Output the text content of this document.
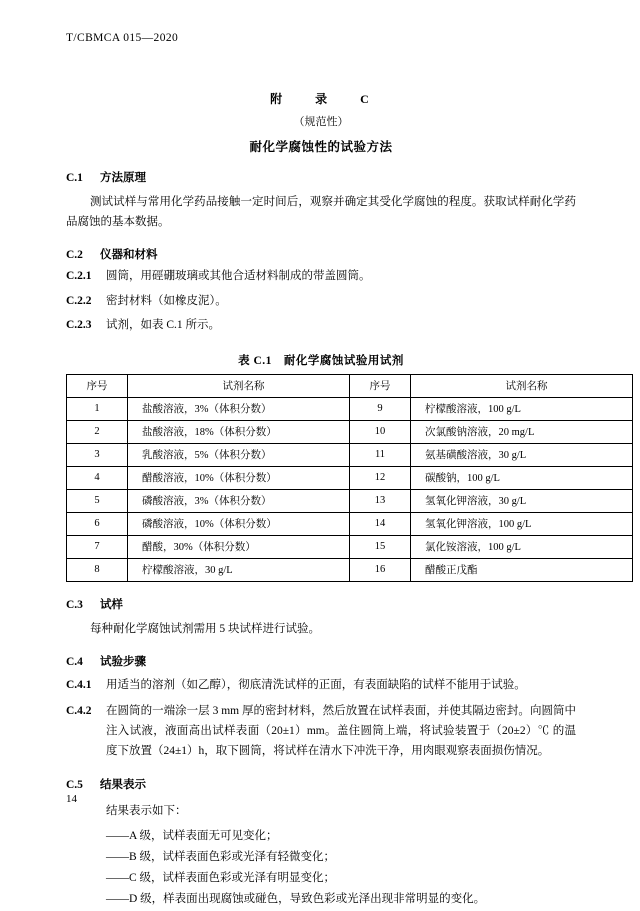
T/CBMCA 015—2020
附　　录　　C
（规范性）
耐化学腐蚀性的试验方法
C.1 方法原理
测试试样与常用化学药品接触一定时间后，观察并确定其受化学腐蚀的程度。获取试样耐化学药品腐蚀的基本数据。
C.2 仪器和材料
C.2.1 圆筒，用硜硼玻璃或其他合适材料制成的带盖圆筒。
C.2.2 密封材料（如橡皮泥）。
C.2.3 试剂，如表 C.1 所示。
表 C.1　耐化学腐蚀试验用试剂
序号	试剂名称	序号	试剂名称
1	盐酸溶液，3%（体积分数）	9	柠檬酸溶液，100 g/L
2	盐酸溶液，18%（体积分数）	10	次氯酸钠溶液，20 mg/L
3	乳酸溶液，5%（体积分数）	11	氨基磺酸溶液，30 g/L
4	醋酸溶液，10%（体积分数）	12	碳酸钠，100 g/L
5	磷酸溶液，3%（体积分数）	13	氢氧化钾溶液，30 g/L
6	磷酸溶液，10%（体积分数）	14	氢氧化钾溶液，100 g/L
7	醋酸，30%（体积分数）	15	氯化铵溶液，100 g/L
8	柠檬酸溶液，30 g/L	16	醋酸正戊酯
C.3 试样
每种耐化学腐蚀试剂需用 5 块试样进行试验。
C.4 试验步骤
C.4.1 用适当的溶剂（如乙醇），彻底清洗试样的正面，有表面缺陷的试样不能用于试验。
C.4.2 在圆筒的一端涂一层 3 mm 厚的密封材料，然后放置在试样表面，并使其隔边密封。向圆筒中注入试液，液面高出试样表面（20±1）mm。盖住圆筒上端，将试验装置于（20±2）℃ 的温度下放置（24±1）h，取下圆筒，将试样在清水下冲洗干净，用肉眼观察表面损伤情况。
C.5 结果表示
结果表示如下：
——A 级，试样表面无可见变化；
——B 级，试样表面色彩或光泽有轻微变化；
——C 级，试样表面色彩或光泽有明显变化；
——D 级，样表面出现腐蚀或碰色，导致色彩或光泽出现非常明显的变化。
14
